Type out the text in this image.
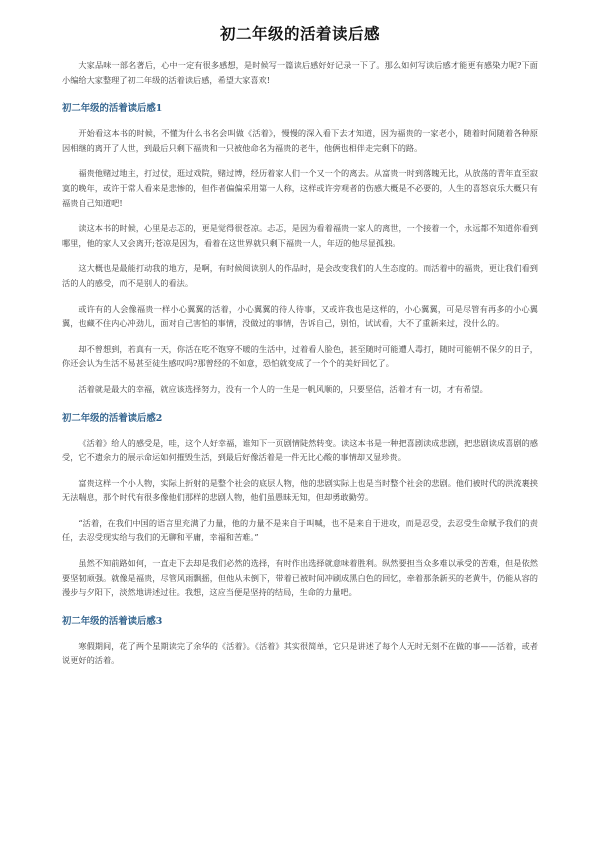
初二年级的活着读后感

大家品味一部名著后，心中一定有很多感想，是时候写一篇读后感好好记录一下了。那么如何写读后感才能更有感染力呢?下面小编给大家整理了初二年级的活着读后感，希望大家喜欢!

初二年级的活着读后感1

开始看这本书的时候，不懂为什么书名会叫做《活着》，慢慢的深入看下去才知道，因为福贵的一家老小，随着时间随着各种原因相继的离开了人世，到最后只剩下福贵和一只被他命名为福贵的老牛，他俩也相伴走完剩下的路。

福贵他赌过地主，打过仗，逛过戏院，赌过博，经历着家人们一个又一个的离去。从富贵一时到落魄无比，从放荡的青年直至寂寞的晚年，或许于常人看来是悲惨的，但作者偏偏采用第一人称，这样或许旁观者的伤感大概是不必要的，人生的喜怒哀乐大概只有福贵自己知道吧!

读这本书的时候，心里是忐忑的，更是觉得很苍凉。忐忑，是因为看着福贵一家人的离世，一个接着一个，永远都不知道你看到哪里，他的家人又会离开;苍凉是因为，看着在这世界就只剩下福贵一人，年迈的他尽显孤独。

这大概也是最能打动我的地方，是啊，有时候阅读别人的作品时，是会改变我们的人生态度的。而活着中的福贵，更让我们看到活的人的感受，而不是别人的看法。

或许有的人会像福贵一样小心翼翼的活着，小心翼翼的待人待事，又或许我也是这样的，小心翼翼，可是尽管有再多的小心翼翼，也藏不住内心冲劲儿，面对自己害怕的事情，没做过的事情，告诉自己，别怕，试试看，大不了重新来过，没什么的。

却不曾想到，若真有一天，你活在吃不饱穿不暖的生活中，过着看人脸色，甚至随时可能遭人毒打，随时可能朝不保夕的日子，你还会认为生活不易甚至徒生感叹吗?那曾经的不如意，恐怕就变成了一个个的美好回忆了。

活着就是最大的幸福，就应该选择努力，没有一个人的一生是一帆风顺的，只要坚信，活着才有一切，才有希望。

初二年级的活着读后感2

《活着》给人的感受是，哇，这个人好幸福，谁知下一页剧情陡然转变。读这本书是一种把喜剧读成悲剧，把悲剧读成喜剧的感受，它不遗余力的展示命运如何摧毁生活，到最后好像活着是一件无比心酸的事情却又显珍贵。

富贵这样一个小人物，实际上折射的是整个社会的底层人物，他的悲剧实际上也是当时整个社会的悲剧。他们被时代的洪流裹挟无法喘息，那个时代有很多像他们那样的悲剧人物，他们虽愚昧无知，但却勇敢勤劳。

“活着，在我们中国的语言里充满了力量，他的力量不是来自于叫喊，也不是来自于进攻，而是忍受，去忍受生命赋予我们的责任，去忍受现实给与我们的无聊和平庸，幸福和苦难。”

虽然不知前路如何，一直走下去却是我们必然的选择，有时作出选择就意味着胜利。纵然要担当众多难以承受的苦难，但是依然要坚韧顽强。就像是福贵，尽管风雨飘摇，但他从未倒下，带着已被时间冲刷成黑白色的回忆，牵着那条新买的老黄牛，仍能从容的漫步与夕阳下，淡然地讲述过往。我想，这应当便是坚持的结局，生命的力量吧。

初二年级的活着读后感3

寒假期间，花了两个星期读完了余华的《活着》。《活着》其实很简单，它只是讲述了每个人无时无刻不在做的事——活着，或者说更好的活着。
